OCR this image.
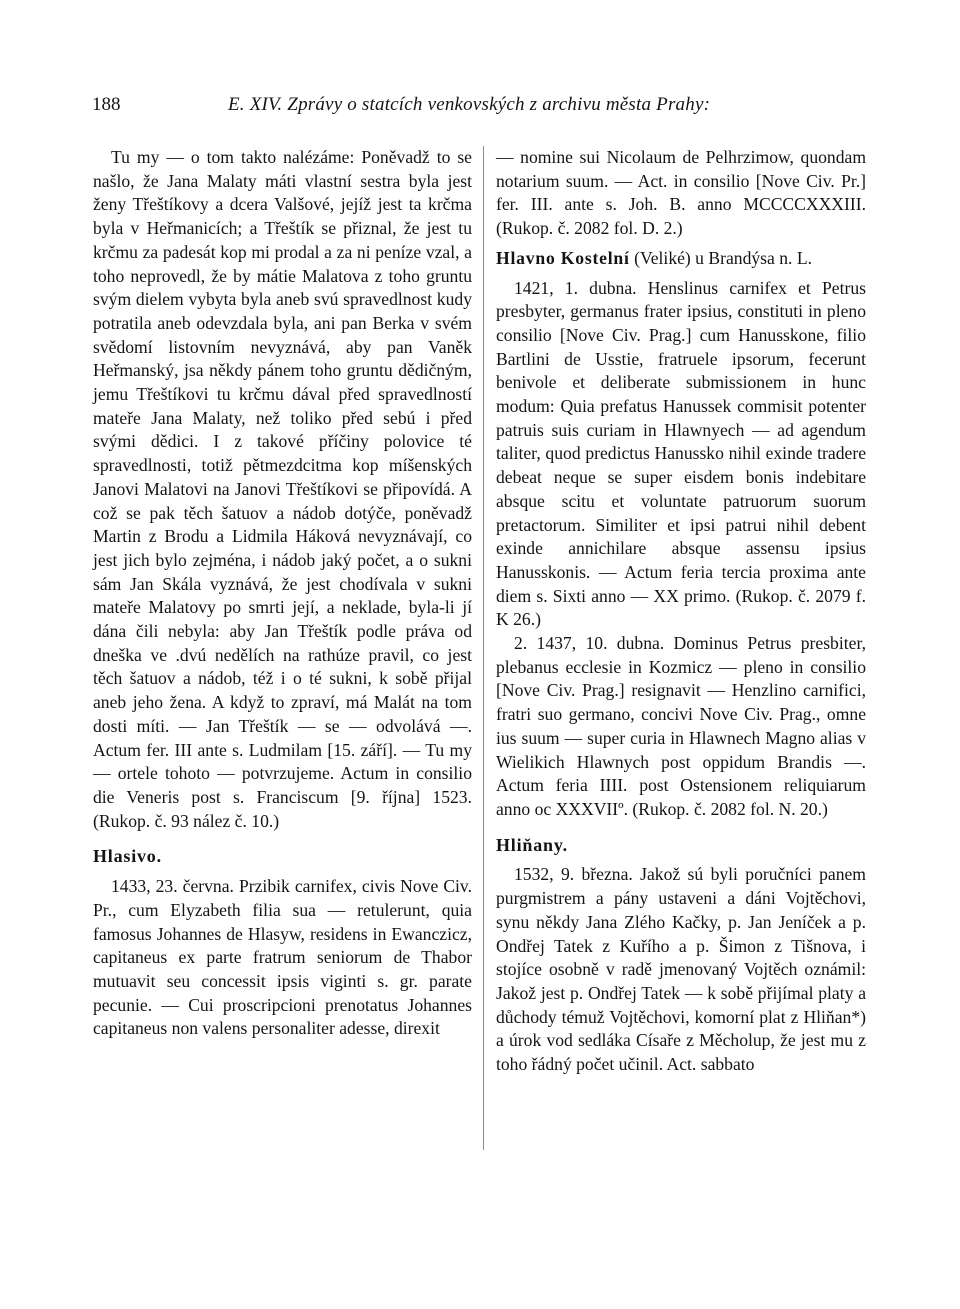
188	E. XIV. Zprávy o statcích venkovských z archivu města Prahy:

Tu my — o tom takto nalézáme: Poněvadž to se našlo, že Jana Malaty máti vlastní sestra byla jest ženy Třeštíkovy a dcera Valšové, jejíž jest ta krčma byla v Heřmanicích; a Třeštík se přiznal, že jest tu krčmu za padesát kop mi prodal a za ni peníze vzal, a toho neprovedl, že by mátie Malatova z toho gruntu svým dielem vybyta byla aneb svú spravedlnost kudy potratila aneb odevzdala byla, ani pan Berka v svém svědomí listovním nevyznává, aby pan Vaněk Heřmanský, jsa někdy pánem toho gruntu dědičným, jemu Třeštíkovi tu krčmu dával před spravedlností mateře Jana Malaty, než toliko před sebú i před svými dědici. I z takové příčiny polovice té spravedlnosti, totiž pětmezdcitma kop míšenských Janovi Malatovi na Janovi Třeštíkovi se připovídá. A což se pak těch šatuov a nádob dotýče, poněvadž Martin z Brodu a Lidmila Háková nevyznávají, co jest jich bylo zejména, i nádob jaký počet, a o sukni sám Jan Skála vyznává, že jest chodívala v sukni mateře Malatovy po smrti její, a neklade, byla-li jí dána čili nebyla: aby Jan Třeštík podle práva od dneška ve .dvú nedělích na rathúze pravil, co jest těch šatuov a nádob, též i o té sukni, k sobě přijal aneb jeho žena. A když to zpraví, má Malát na tom dosti míti. — Jan Třeštík — se — odvolává —. Actum fer. III ante s. Ludmilam [15. září]. — Tu my — ortele tohoto — potvrzujeme. Actum in consilio die Veneris post s. Franciscum [9. října] 1523. (Rukop. č. 93 nález č. 10.)

Hlasivo.

1433, 23. června. Przibik carnifex, civis Nove Civ. Pr., cum Elyzabeth filia sua — retulerunt, quia famosus Johannes de Hlasyw, residens in Ewanczicz, capitaneus ex parte fratrum seniorum de Thabor mutuavit seu concessit ipsis viginti s. gr. parate pecunie. — Cui proscripcioni prenotatus Johannes capitaneus non valens personaliter adesse, direxit

— nomine sui Nicolaum de Pelhrzimow, quondam notarium suum. — Act. in consilio [Nove Civ. Pr.] fer. III. ante s. Joh. B. anno MCCCCXXXIII. (Rukop. č. 2082 fol. D. 2.)

Hlavno Kostelní (Veliké) u Brandýsa n. L.

1421, 1. dubna. Henslinus carnifex et Petrus presbyter, germanus frater ipsius, constituti in pleno consilio [Nove Civ. Prag.] cum Hanusskone, filio Bartlini de Usstie, fratruele ipsorum, fecerunt benivole et deliberate submissionem in hunc modum: Quia prefatus Hanussek commisit potenter patruis suis curiam in Hlawnyech — ad agendum taliter, quod predictus Hanussko nihil exinde tradere debeat neque se super eisdem bonis indebitare absque scitu et voluntate patruorum suorum pretactorum. Similiter et ipsi patrui nihil debent exinde annichilare absque assensu ipsius Hanusskonis. — Actum feria tercia proxima ante diem s. Sixti anno — XX primo. (Rukop. č. 2079 f. K 26.)

2. 1437, 10. dubna. Dominus Petrus presbiter, plebanus ecclesie in Kozmicz — pleno in consilio [Nove Civ. Prag.] resignavit — Henzlino carnifici, fratri suo germano, concivi Nove Civ. Prag., omne ius suum — super curia in Hlawnech Magno alias v Wielikich Hlawnych post oppidum Brandis —. Actum feria IIII. post Ostensionem reliquiarum anno oc XXXVIIº. (Rukop. č. 2082 fol. N. 20.)

Hliňany.

1532, 9. března. Jakož sú byli poručníci panem purgmistrem a pány ustaveni a dáni Vojtěchovi, synu někdy Jana Zlého Kačky, p. Jan Jeníček a p. Ondřej Tatek z Kuřího a p. Šimon z Tišnova, i stojíce osobně v radě jmenovaný Vojtěch oznámil: Jakož jest p. Ondřej Tatek — k sobě přijímal platy a důchody témuž Vojtěchovi, komorní plat z Hliňan*) a úrok vod sedláka Císaře z Měcholup, že jest mu z toho řádný počet učinil. Act. sabbato
